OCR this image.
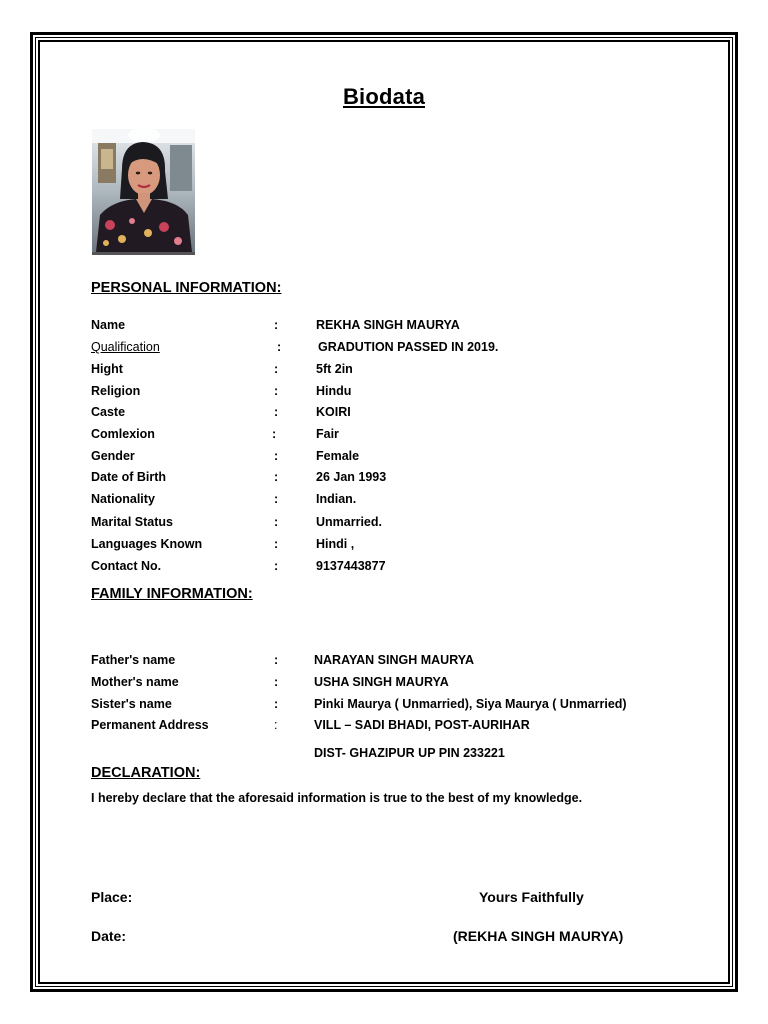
Biodata
PERSONAL INFORMATION:
Name	:	REKHA SINGH MAURYA
Qualification	:	GRADUTION PASSED IN 2019.
Hight	:	5ft 2in
Religion	:	Hindu
Caste	:	KOIRI
Comlexion	:	Fair
Gender	:	Female
Date of Birth	:	26 Jan 1993
Nationality	:	Indian.
Marital Status	:	Unmarried.
Languages Known	:	Hindi ,
Contact No.	:	9137443877
FAMILY INFORMATION:
Father's name	:	NARAYAN SINGH MAURYA
Mother's name	:	USHA SINGH MAURYA
Sister's name	:	Pinki Maurya ( Unmarried), Siya Maurya ( Unmarried)
Permanent Address	:	VILL – SADI BHADI, POST-AURIHAR
DIST- GHAZIPUR UP PIN 233221
DECLARATION:
I hereby declare that the aforesaid information is true to the best of my knowledge.
Place:
Date:
Yours Faithfully
(REKHA SINGH MAURYA)
